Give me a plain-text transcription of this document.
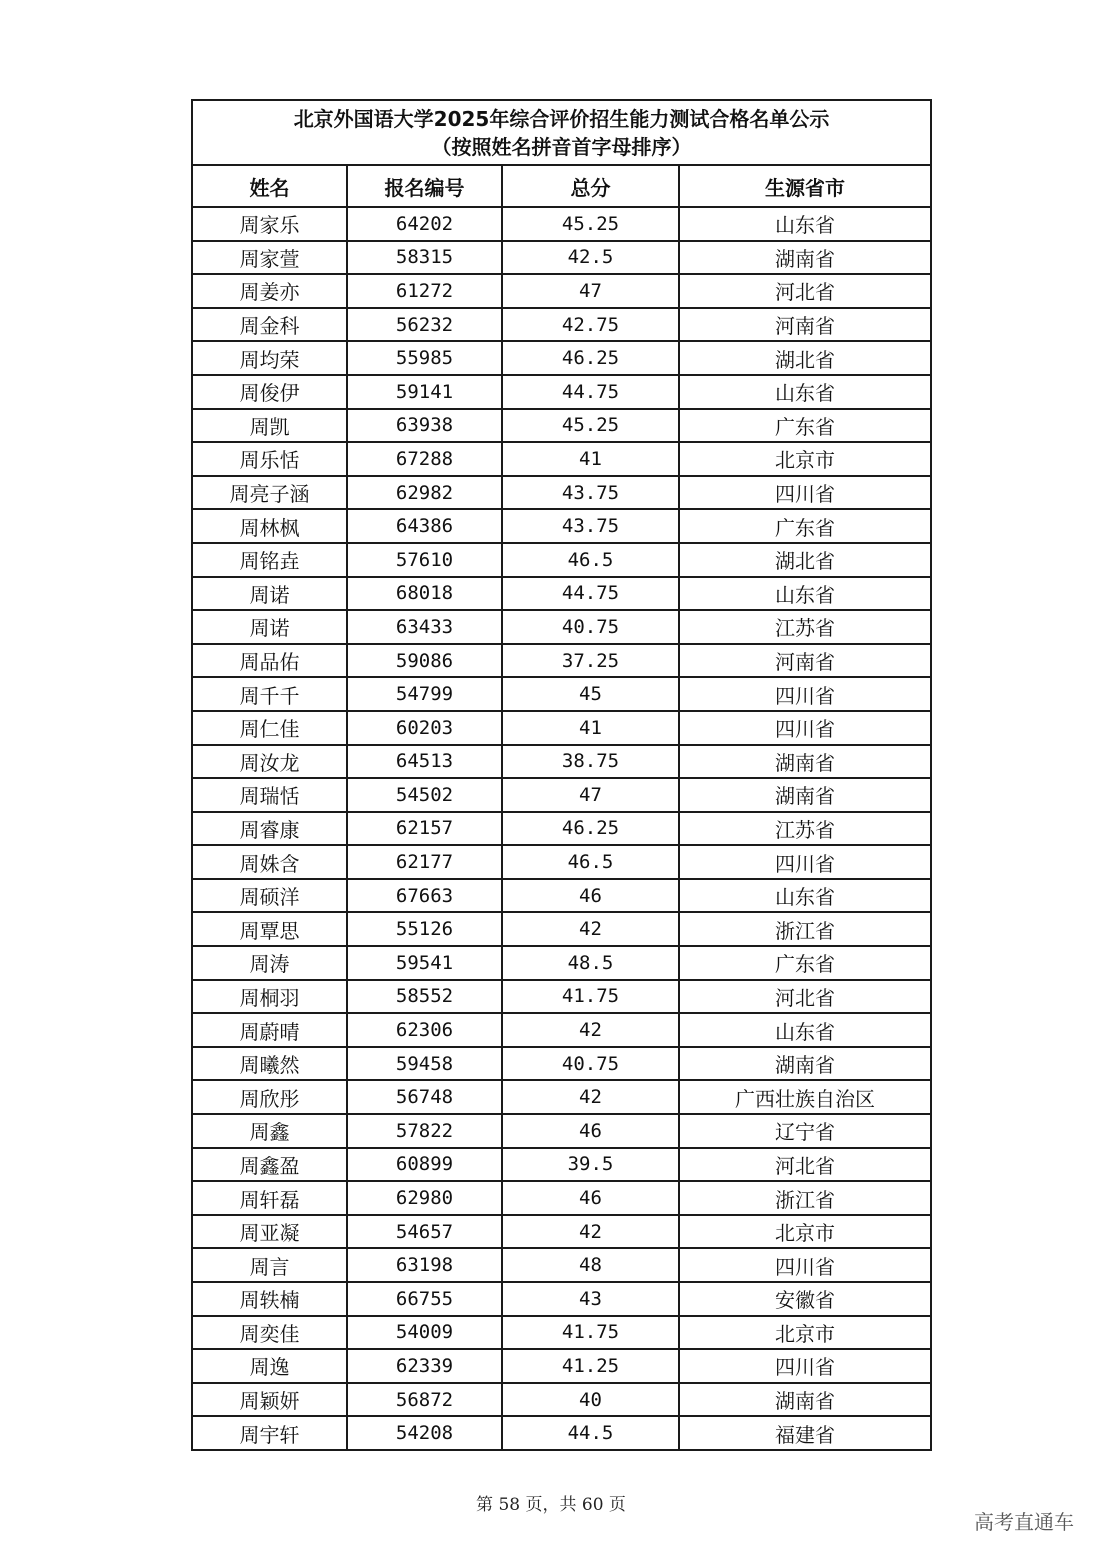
北京外国语大学2025年综合评价招生能力测试合格名单公示
（按照姓名拼音首字母排序）			

姓名	报名编号	总分	生源省市
周家乐	64202	45.25	山东省
周家萱	58315	42.5	湖南省
周姜亦	61272	47	河北省
周金科	56232	42.75	河南省
周均荣	55985	46.25	湖北省
周俊伊	59141	44.75	山东省
周凯	63938	45.25	广东省
周乐恬	67288	41	北京市
周亮子涵	62982	43.75	四川省
周林枫	64386	43.75	广东省
周铭垚	57610	46.5	湖北省
周诺	68018	44.75	山东省
周诺	63433	40.75	江苏省
周品佑	59086	37.25	河南省
周千千	54799	45	四川省
周仁佳	60203	41	四川省
周汝龙	64513	38.75	湖南省
周瑞恬	54502	47	湖南省
周睿康	62157	46.25	江苏省
周姝含	62177	46.5	四川省
周硕洋	67663	46	山东省
周覃思	55126	42	浙江省
周涛	59541	48.5	广东省
周桐羽	58552	41.75	河北省
周蔚晴	62306	42	山东省
周曦然	59458	40.75	湖南省
周欣彤	56748	42	广西壮族自治区
周鑫	57822	46	辽宁省
周鑫盈	60899	39.5	河北省
周轩磊	62980	46	浙江省
周亚凝	54657	42	北京市
周言	63198	48	四川省
周轶楠	66755	43	安徽省
周奕佳	54009	41.75	北京市
周逸	62339	41.25	四川省
周颖妍	56872	40	湖南省
周宇轩	54208	44.5	福建省
第 58 页，共 60 页
高考直通车
